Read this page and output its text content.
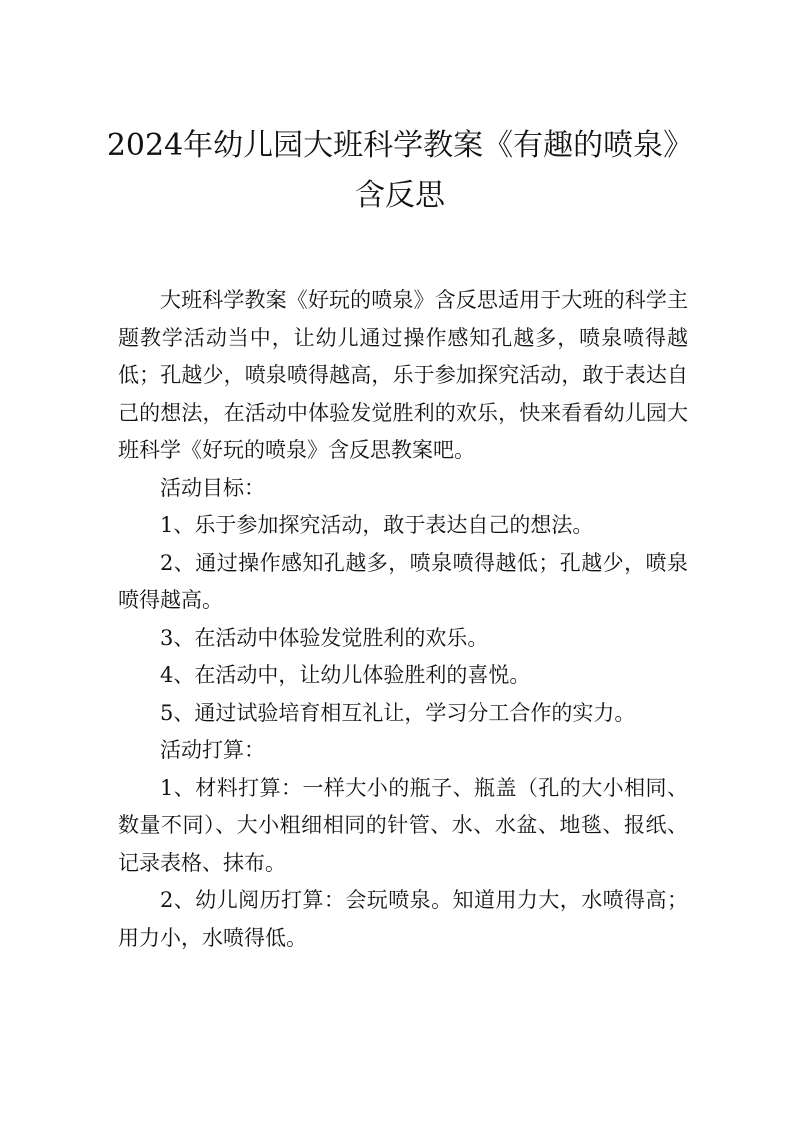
2024年幼儿园大班科学教案《有趣的喷泉》
含反思

大班科学教案《好玩的喷泉》含反思适用于大班的科学主题教学活动当中，让幼儿通过操作感知孔越多，喷泉喷得越低；孔越少，喷泉喷得越高，乐于参加探究活动，敢于表达自己的想法，在活动中体验发觉胜利的欢乐，快来看看幼儿园大班科学《好玩的喷泉》含反思教案吧。

活动目标：

1、乐于参加探究活动，敢于表达自己的想法。

2、通过操作感知孔越多，喷泉喷得越低；孔越少，喷泉喷得越高。

3、在活动中体验发觉胜利的欢乐。

4、在活动中，让幼儿体验胜利的喜悦。

5、通过试验培育相互礼让，学习分工合作的实力。

活动打算：

1、材料打算：一样大小的瓶子、瓶盖（孔的大小相同、数量不同）、大小粗细相同的针管、水、水盆、地毯、报纸、记录表格、抹布。

2、幼儿阅历打算：会玩喷泉。知道用力大，水喷得高；用力小，水喷得低。
